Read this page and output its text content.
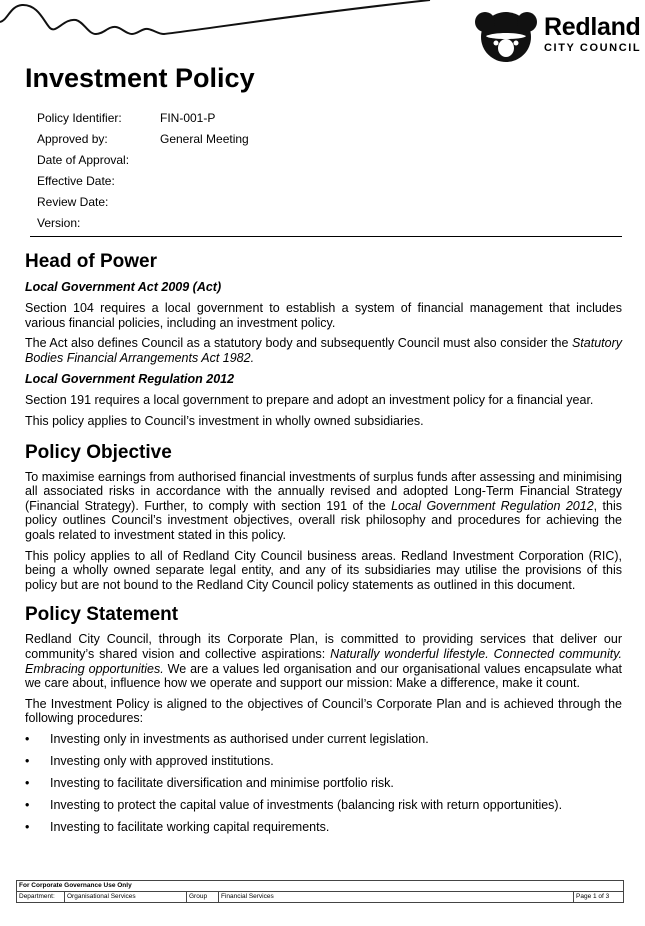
Redland
CITY COUNCIL
Investment Policy
Policy Identifier:	FIN-001-P
Approved by:	General Meeting
Date of Approval:
Effective Date:
Review Date:
Version:
Head of Power
Local Government Act 2009 (Act)

Section 104 requires a local government to establish a system of financial management that includes various financial policies, including an investment policy.

The Act also defines Council as a statutory body and subsequently Council must also consider the Statutory Bodies Financial Arrangements Act 1982.

Local Government Regulation 2012

Section 191 requires a local government to prepare and adopt an investment policy for a financial year.

This policy applies to Council’s investment in wholly owned subsidiaries.

Policy Objective

To maximise earnings from authorised financial investments of surplus funds after assessing and minimising all associated risks in accordance with the annually revised and adopted Long-Term Financial Strategy (Financial Strategy). Further, to comply with section 191 of the Local Government Regulation 2012, this policy outlines Council’s investment objectives, overall risk philosophy and procedures for achieving the goals related to investment stated in this policy.

This policy applies to all of Redland City Council business areas. Redland Investment Corporation (RIC), being a wholly owned separate legal entity, and any of its subsidiaries may utilise the provisions of this policy but are not bound to the Redland City Council policy statements as outlined in this document.

Policy Statement

Redland City Council, through its Corporate Plan, is committed to providing services that deliver our community’s shared vision and collective aspirations: Naturally wonderful lifestyle. Connected community. Embracing opportunities. We are a values led organisation and our organisational values encapsulate what we care about, influence how we operate and support our mission: Make a difference, make it count.

The Investment Policy is aligned to the objectives of Council’s Corporate Plan and is achieved through the following procedures:

•	Investing only in investments as authorised under current legislation.
•	Investing only with approved institutions.
•	Investing to facilitate diversification and minimise portfolio risk.
•	Investing to protect the capital value of investments (balancing risk with return opportunities).
•	Investing to facilitate working capital requirements.
For Corporate Governance Use Only
Department:	Organisational Services	Group	Financial Services	Page 1 of 3
